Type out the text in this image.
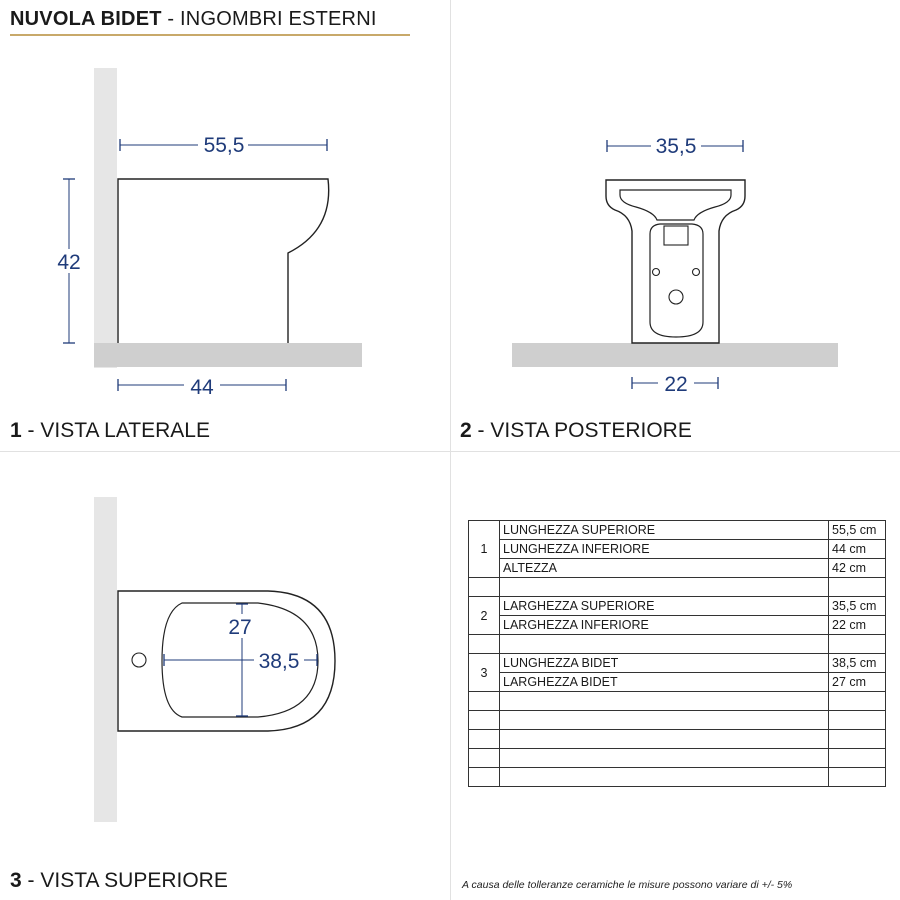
NUVOLA BIDET - INGOMBRI ESTERNI
55,5
42
44
35,5
22
27
38,5
1 - VISTA LATERALE	2 - VISTA POSTERIORE
3 - VISTA SUPERIORE
1	LUNGHEZZA SUPERIORE	55,5 cm
	LUNGHEZZA INFERIORE	44 cm
	ALTEZZA	42 cm

2	LARGHEZZA SUPERIORE	35,5 cm
	LARGHEZZA INFERIORE	22 cm

3	LUNGHEZZA BIDET	38,5 cm
	LARGHEZZA BIDET	27 cm

A causa delle tolleranze ceramiche le misure possono variare di +/- 5%
